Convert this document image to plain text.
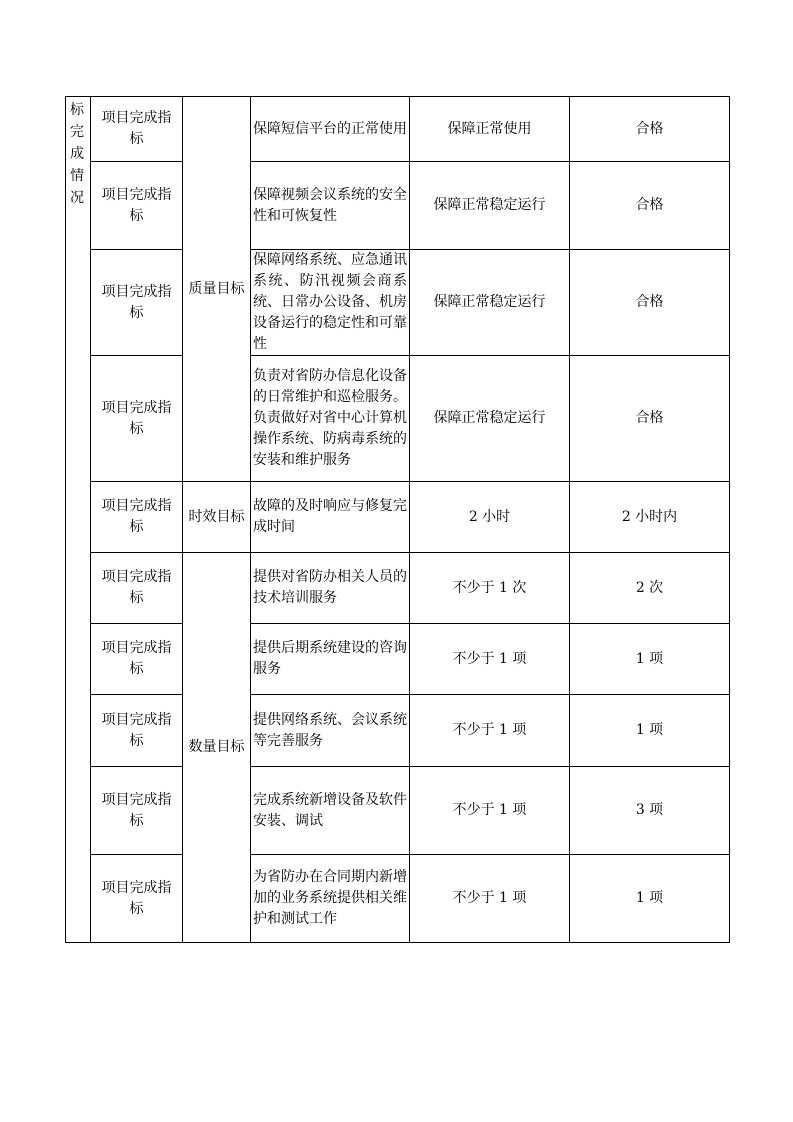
标完成情况	项目完成指标	质量目标	保障短信平台的正常使用	保障正常使用	合格
	项目完成指标		保障视频会议系统的安全性和可恢复性	保障正常稳定运行	合格
	项目完成指标		保障网络系统、应急通讯系统、防汛视频会商系统、日常办公设备、机房设备运行的稳定性和可靠性	保障正常稳定运行	合格
	项目完成指标		负责对省防办信息化设备的日常维护和巡检服务。负责做好对省中心计算机操作系统、防病毒系统的安装和维护服务	保障正常稳定运行	合格
	项目完成指标	时效目标	故障的及时响应与修复完成时间	2 小时	2 小时内
	项目完成指标	数量目标	提供对省防办相关人员的技术培训服务	不少于 1 次	2 次
	项目完成指标		提供后期系统建设的咨询服务	不少于 1 项	1 项
	项目完成指标		提供网络系统、会议系统等完善服务	不少于 1 项	1 项
	项目完成指标		完成系统新增设备及软件安装、调试	不少于 1 项	3 项
	项目完成指标		为省防办在合同期内新增加的业务系统提供相关维护和测试工作	不少于 1 项	1 项
